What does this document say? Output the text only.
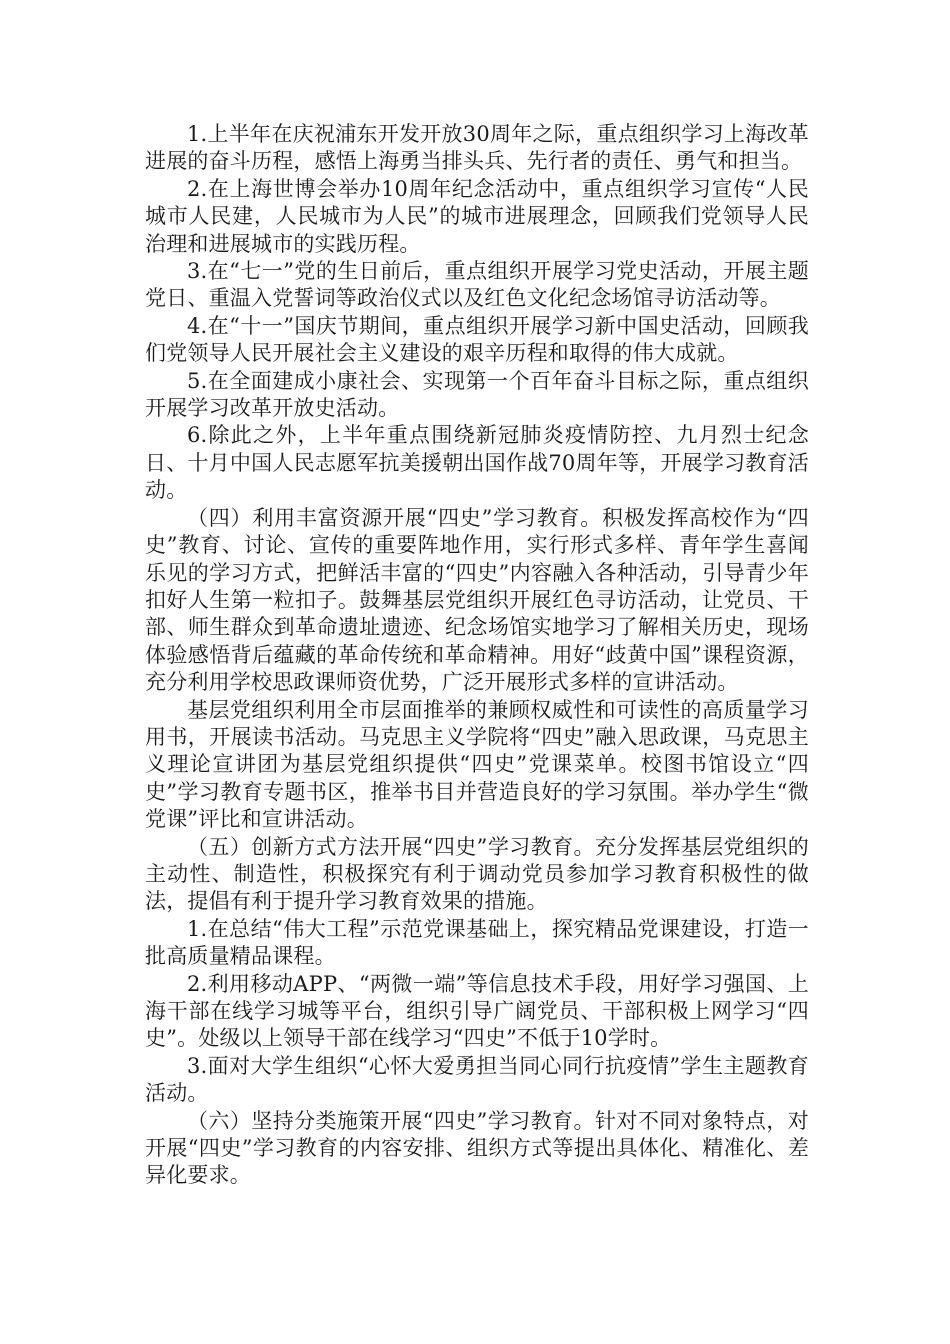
1.上半年在庆祝浦东开发开放30周年之际，重点组织学习上海改革进展的奋斗历程，感悟上海勇当排头兵、先行者的责任、勇气和担当。

2.在上海世博会举办10周年纪念活动中，重点组织学习宣传“人民城市人民建，人民城市为人民”的城市进展理念，回顾我们党领导人民治理和进展城市的实践历程。

3.在“七一”党的生日前后，重点组织开展学习党史活动，开展主题党日、重温入党誓词等政治仪式以及红色文化纪念场馆寻访活动等。

4.在“十一”国庆节期间，重点组织开展学习新中国史活动，回顾我们党领导人民开展社会主义建设的艰辛历程和取得的伟大成就。

5.在全面建成小康社会、实现第一个百年奋斗目标之际，重点组织开展学习改革开放史活动。

6.除此之外，上半年重点围绕新冠肺炎疫情防控、九月烈士纪念日、十月中国人民志愿军抗美援朝出国作战70周年等，开展学习教育活动。

（四）利用丰富资源开展“四史”学习教育。积极发挥高校作为“四史”教育、讨论、宣传的重要阵地作用，实行形式多样、青年学生喜闻乐见的学习方式，把鲜活丰富的“四史”内容融入各种活动，引导青少年扣好人生第一粒扣子。鼓舞基层党组织开展红色寻访活动，让党员、干部、师生群众到革命遗址遗迹、纪念场馆实地学习了解相关历史，现场体验感悟背后蕴藏的革命传统和革命精神。用好“歧黄中国”课程资源，充分利用学校思政课师资优势，广泛开展形式多样的宣讲活动。

基层党组织利用全市层面推举的兼顾权威性和可读性的高质量学习用书，开展读书活动。马克思主义学院将“四史”融入思政课，马克思主义理论宣讲团为基层党组织提供“四史”党课菜单。校图书馆设立“四史”学习教育专题书区，推举书目并营造良好的学习氛围。举办学生“微党课”评比和宣讲活动。

（五）创新方式方法开展“四史”学习教育。充分发挥基层党组织的主动性、制造性，积极探究有利于调动党员参加学习教育积极性的做法，提倡有利于提升学习教育效果的措施。

1.在总结“伟大工程”示范党课基础上，探究精品党课建设，打造一批高质量精品课程。

2.利用移动APP、“两微一端”等信息技术手段，用好学习强国、上海干部在线学习城等平台，组织引导广阔党员、干部积极上网学习“四史”。处级以上领导干部在线学习“四史”不低于10学时。

3.面对大学生组织“心怀大爱勇担当同心同行抗疫情”学生主题教育活动。

（六）坚持分类施策开展“四史”学习教育。针对不同对象特点，对开展“四史”学习教育的内容安排、组织方式等提出具体化、精准化、差异化要求。
